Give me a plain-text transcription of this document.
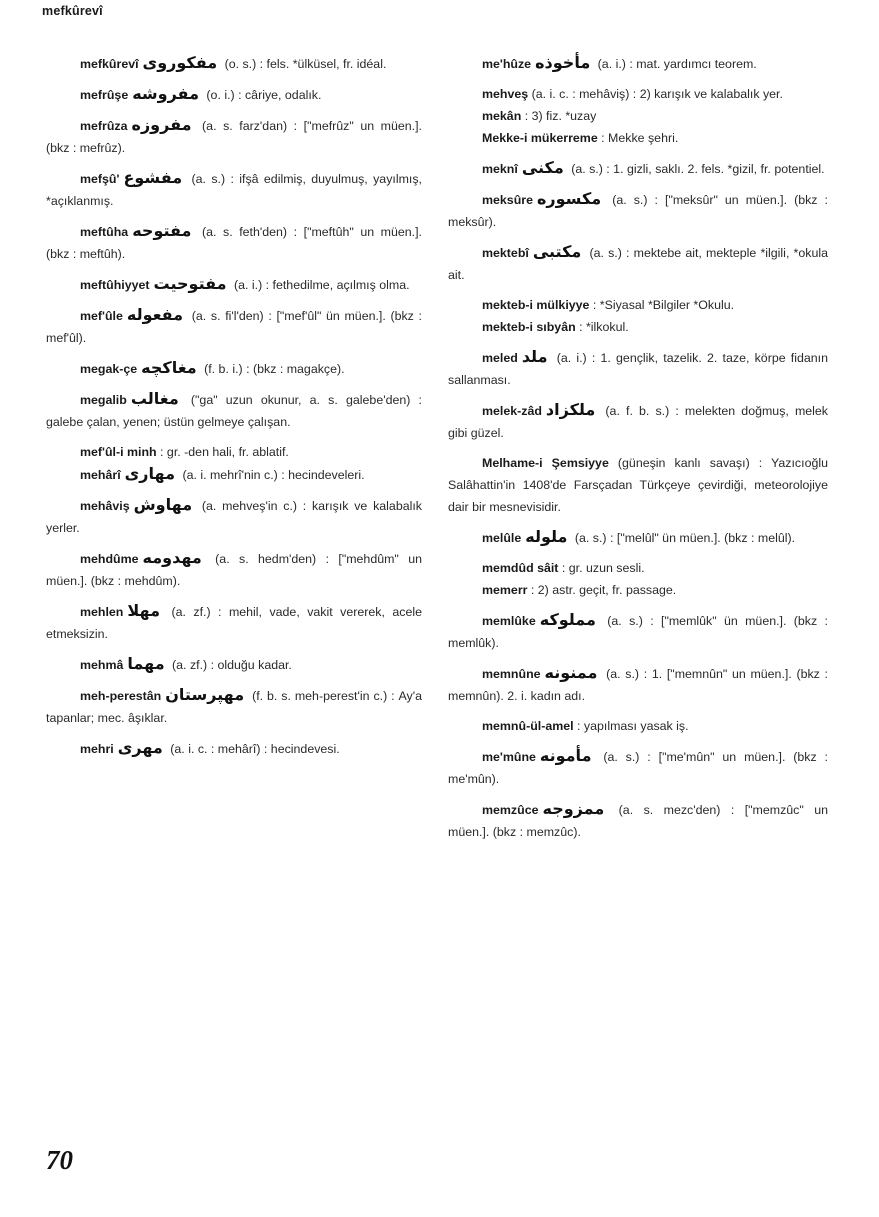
mefkûrevî

mefkûrevî مفكوروى (o. s.) : fels. *ülküsel, fr. idéal.

mefrûşe مفروشه (o. i.) : câriye, odalık.

mefrûza مفروزه (a. s. farz'dan) : ["mefrûz" un müen.]. (bkz : mefrûz).

mefşû' مفشوع (a. s.) : ifşâ edilmiş, duyulmuş, yayılmış, *açıklanmış.

meftûha مفتوحه (a. s. feth'den) : ["meftûh" un müen.]. (bkz : meftûh).

meftûhiyyet مفتوحيت (a. i.) : fethedilme, açılmış olma.

mef'ûle مفعوله (a. s. fi'l'den) : ["mef'ûl" ün müen.]. (bkz : mef'ûl).

megak-çe مغاكچه (f. b. i.) : (bkz : magakçe).

megalib مغالب ("ga" uzun okunur, a. s. galebe'den) : galebe çalan, yenen; üstün gelmeye çalışan.

mef'ûl-i minh : gr. -den hali, fr. ablatif.

mehârî مهارى (a. i. mehrî'nin c.) : hecindeveleri.

mehâviş مهاوش (a. mehveş'in c.) : karışık ve kalabalık yerler.

mehdûme مهدومه (a. s. hedm'den) : ["mehdûm" un müen.]. (bkz : mehdûm).

mehlen مهلا (a. zf.) : mehil, vade, vakit vererek, acele etmeksizin.

mehmâ مهما (a. zf.) : olduğu kadar.

meh-perestân مهپرستان (f. b. s. meh-perest'in c.) : Ay'a tapanlar; mec. âşıklar.

mehri مهرى (a. i. c. : mehârî) : hecindevesi.

me'hûze مأخوذه (a. i.) : mat. yardımcı teorem.

mehveş (a. i. c. : mehâviş) : 2) karışık ve kalabalık yer.

mekân : 3) fiz. *uzay

Mekke-i mükerreme : Mekke şehri.

meknî مكنى (a. s.) : 1. gizli, saklı. 2. fels. *gizil, fr. potentiel.

meksûre مكسوره (a. s.) : ["meksûr" un müen.]. (bkz : meksûr).

mektebî مكتبى (a. s.) : mektebe ait, mekteple *ilgili, *okula ait.

mekteb-i mülkiyye : *Siyasal *Bilgiler *Okulu.

mekteb-i sıbyân : *ilkokul.

meled ملد (a. i.) : 1. gençlik, tazelik. 2. taze, körpe fidanın sallanması.

melek-zâd ملكزاد (a. f. b. s.) : melekten doğmuş, melek gibi güzel.

Melhame-i Şemsiyye (güneşin kanlı savaşı) : Yazıcıoğlu Salâhattin'in 1408'de Farsçadan Türkçeye çevirdiği, meteorolojiye dair bir mesnevisidir.

melûle ملوله (a. s.) : ["melûl" ün müen.]. (bkz : melûl).

memdûd sâit : gr. uzun sesli.

memerr : 2) astr. geçit, fr. passage.

memlûke مملوكه (a. s.) : ["memlûk" ün müen.]. (bkz : memlûk).

memnûne ممنونه (a. s.) : 1. ["memnûn" un müen.]. (bkz : memnûn). 2. i. kadın adı.

memnû-ül-amel : yapılması yasak iş.

me'mûne مأمونه (a. s.) : ["me'mûn" un müen.]. (bkz : me'mûn).

memzûce ممزوجه (a. s. mezc'den) : ["memzûc" un müen.]. (bkz : memzûc).

70
